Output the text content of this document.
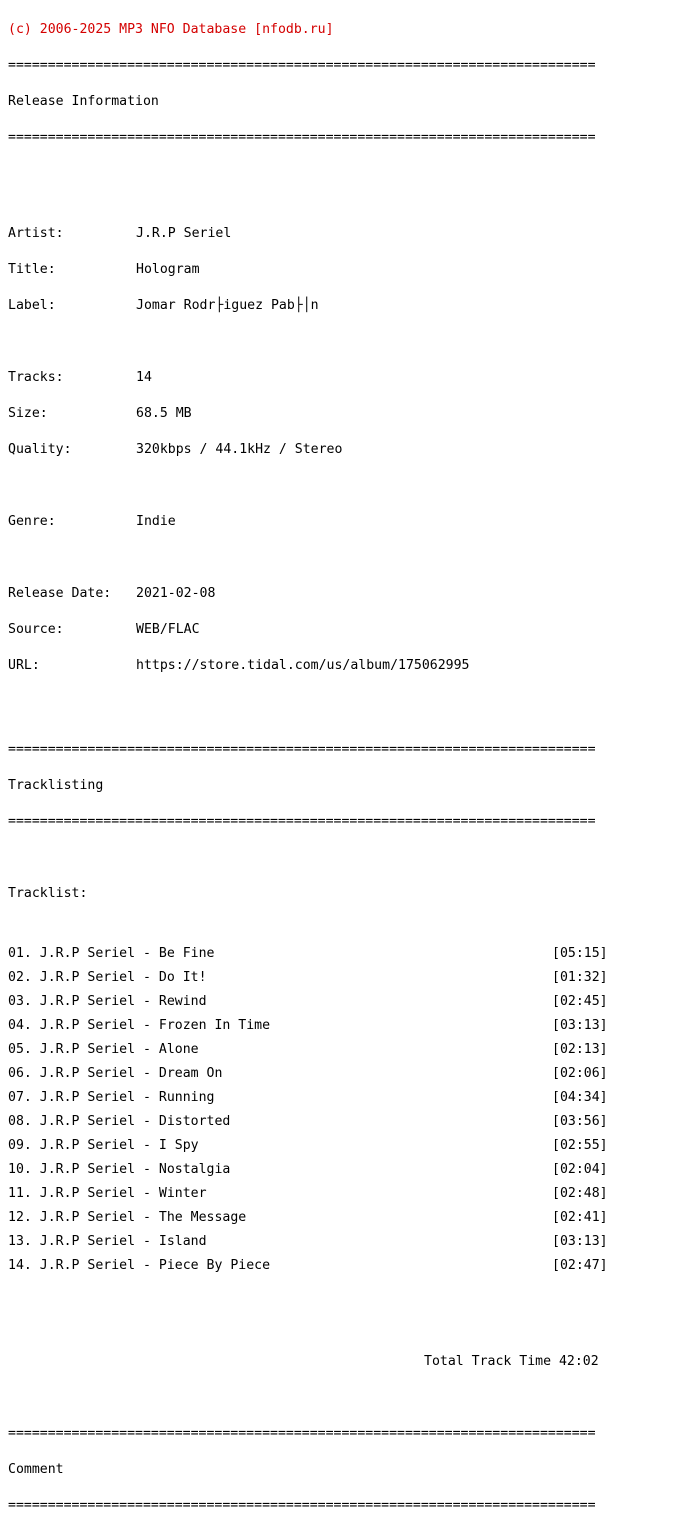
(c) 2006-2025 MP3 NFO Database [nfodb.ru]

==========================================================================

Release Information

==========================================================================

Artist:	J.R.P Seriel

Title:	Hologram

Label:	Jomar Rodr├iguez Pab├│n

Tracks:	14

Size:	68.5 MB

Quality:	320kbps / 44.1kHz / Stereo

Genre:	Indie

Release Date: 2021-02-08

Source:	WEB/FLAC

URL:	https://store.tidal.com/us/album/175062995

==========================================================================

Tracklisting

==========================================================================

Tracklist:

01. J.R.P Seriel - Be Fine	[05:15]
02. J.R.P Seriel - Do It!	[01:32]
03. J.R.P Seriel - Rewind	[02:45]
04. J.R.P Seriel - Frozen In Time	[03:13]
05. J.R.P Seriel - Alone	[02:13]
06. J.R.P Seriel - Dream On	[02:06]
07. J.R.P Seriel - Running	[04:34]
08. J.R.P Seriel - Distorted	[03:56]
09. J.R.P Seriel - I Spy	[02:55]
10. J.R.P Seriel - Nostalgia	[02:04]
11. J.R.P Seriel - Winter	[02:48]
12. J.R.P Seriel - The Message	[02:41]
13. J.R.P Seriel - Island	[03:13]
14. J.R.P Seriel - Piece By Piece	[02:47]

Total Track Time 42:02

==========================================================================

Comment

==========================================================================
